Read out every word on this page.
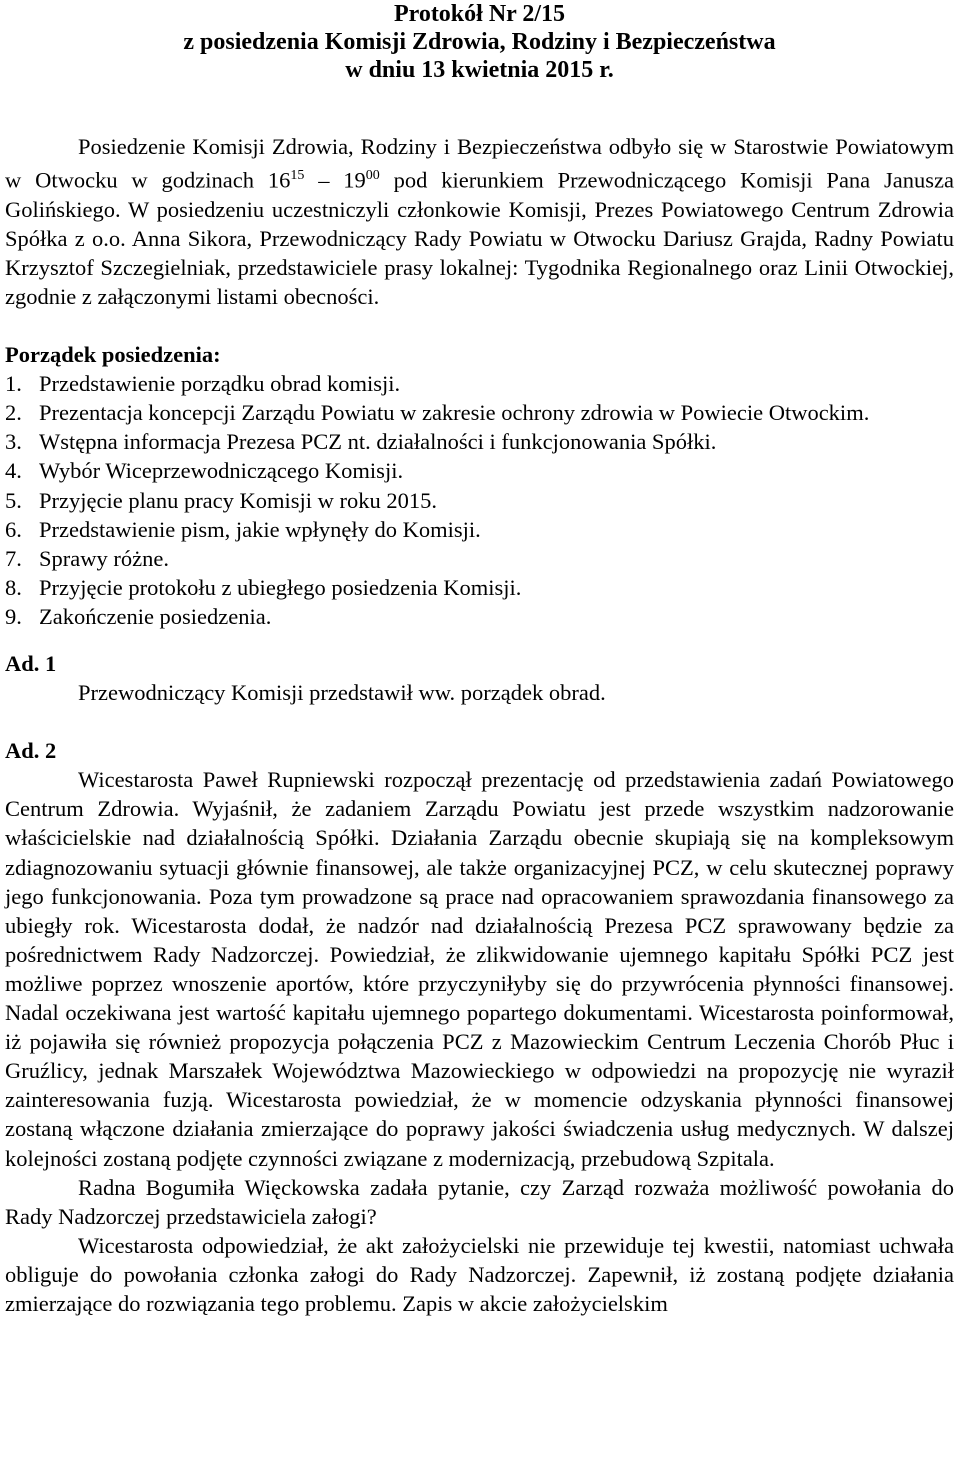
Protokół Nr 2/15
z posiedzenia Komisji Zdrowia, Rodziny i Bezpieczeństwa
w dniu 13 kwietnia 2015 r.

Posiedzenie Komisji Zdrowia, Rodziny i Bezpieczeństwa odbyło się w Starostwie Powiatowym w Otwocku w godzinach $16^{15} - 19^{00}$ pod kierunkiem Przewodniczącego Komisji Pana Janusza Golińskiego. W posiedzeniu uczestniczyli członkowie Komisji, Prezes Powiatowego Centrum Zdrowia Spółka z o.o. Anna Sikora, Przewodniczący Rady Powiatu w Otwocku Dariusz Grajda, Radny Powiatu Krzysztof Szczegielniak, przedstawiciele prasy lokalnej: Tygodnika Regionalnego oraz Linii Otwockiej, zgodnie z załączonymi listami obecności.

Porządek posiedzenia:
1. Przedstawienie porządku obrad komisji.
2. Prezentacja koncepcji Zarządu Powiatu w zakresie ochrony zdrowia w Powiecie Otwockim.
3. Wstępna informacja Prezesa PCZ nt. działalności i funkcjonowania Spółki.
4. Wybór Wiceprzewodniczącego Komisji.
5. Przyjęcie planu pracy Komisji w roku 2015.
6. Przedstawienie pism, jakie wpłynęły do Komisji.
7. Sprawy różne.
8. Przyjęcie protokołu z ubiegłego posiedzenia Komisji.
9. Zakończenie posiedzenia.
Ad. 1
Przewodniczący Komisji przedstawił ww. porządek obrad.
Ad. 2

Wicestarosta Paweł Rupniewski rozpoczął prezentację od przedstawienia zadań Powiatowego Centrum Zdrowia. Wyjaśnił, że zadaniem Zarządu Powiatu jest przede wszystkim nadzorowanie właścicielskie nad działalnością Spółki. Działania Zarządu obecnie skupiają się na kompleksowym zdiagnozowaniu sytuacji głównie finansowej, ale także organizacyjnej PCZ, w celu skutecznej poprawy jego funkcjonowania. Poza tym prowadzone są prace nad opracowaniem sprawozdania finansowego za ubiegły rok. Wicestarosta dodał, że nadzór nad działalnością Prezesa PCZ sprawowany będzie za pośrednictwem Rady Nadzorczej. Powiedział, że zlikwidowanie ujemnego kapitału Spółki PCZ jest możliwe poprzez wnoszenie aportów, które przyczyniłyby się do przywrócenia płynności finansowej. Nadal oczekiwana jest wartość kapitału ujemnego popartego dokumentami. Wicestarosta poinformował, iż pojawiła się również propozycja połączenia PCZ z Mazowieckim Centrum Leczenia Chorób Płuc i Gruźlicy, jednak Marszałek Województwa Mazowieckiego w odpowiedzi na propozycję nie wyraził zainteresowania fuzją. Wicestarosta powiedział, że w momencie odzyskania płynności finansowej zostaną włączone działania zmierzające do poprawy jakości świadczenia usług medycznych. W dalszej kolejności zostaną podjęte czynności związane z modernizacją, przebudową Szpitala.

Radna Bogumiła Więckowska zadała pytanie, czy Zarząd rozważa możliwość powołania do Rady Nadzorczej przedstawiciela załogi?

Wicestarosta odpowiedział, że akt założycielski nie przewiduje tej kwestii, natomiast uchwała obliguje do powołania członka załogi do Rady Nadzorczej. Zapewnił, iż zostaną podjęte działania zmierzające do rozwiązania tego problemu. Zapis w akcie założycielskim
